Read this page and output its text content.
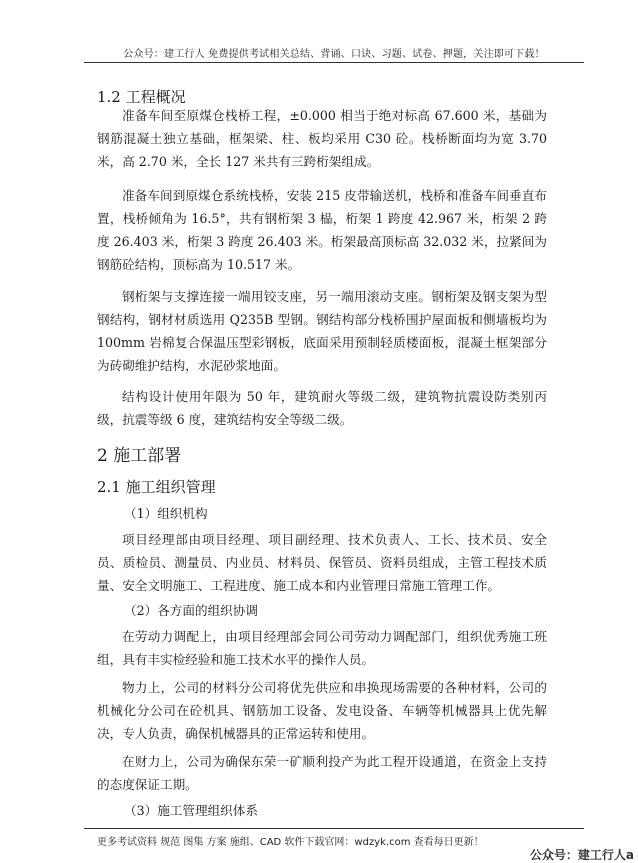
公众号：建工行人 免费提供考试相关总结、背诵、口诀、习题、试卷、押题，关注即可下载！
1.2 工程概况

准备车间至原煤仓栈桥工程，±0.000 相当于绝对标高 67.600 米，基础为钢筋混凝土独立基础，框架梁、柱、板均采用 C30 砼。栈桥断面均为宽 3.70 米，高 2.70 米，全长 127 米共有三跨桁架组成。

准备车间到原煤仓系统栈桥，安装 215 皮带输送机，栈桥和准备车间垂直布置，栈桥倾角为 16.5°，共有钢桁架 3 榀，桁架 1 跨度 42.967 米，桁架 2 跨度 26.403 米，桁架 3 跨度 26.403 米。桁架最高顶标高 32.032 米，拉紧间为钢筋砼结构，顶标高为 10.517 米。

钢桁架与支撑连接一端用铰支座，另一端用滚动支座。钢桁架及钢支架为型钢结构，钢材材质选用 Q235B 型钢。钢结构部分栈桥围护屋面板和侧墙板均为 100mm 岩棉复合保温压型彩钢板，底面采用预制轻质楼面板，混凝土框架部分为砖砌维护结构，水泥砂浆地面。

结构设计使用年限为 50 年，建筑耐火等级二级，建筑物抗震设防类别丙级，抗震等级 6 度，建筑结构安全等级二级。

2 施工部署
2.1 施工组织管理

（1）组织机构

项目经理部由项目经理、项目副经理、技术负责人、工长、技术员、安全员、质检员、测量员、内业员、材料员、保管员、资料员组成，主管工程技术质量、安全文明施工、工程进度、施工成本和内业管理日常施工管理工作。

（2）各方面的组织协调

在劳动力调配上，由项目经理部会同公司劳动力调配部门，组织优秀施工班组，具有丰实检经验和施工技术水平的操作人员。

物力上，公司的材料分公司将优先供应和串换现场需要的各种材料，公司的机械化分公司在砼机具、钢筋加工设备、发电设备、车辆等机械器具上优先解决，专人负责，确保机械器具的正常运转和使用。

在财力上，公司为确保东荣一矿顺利投产为此工程开设通道，在资金上支持的态度保证工期。

（3）施工管理组织体系

更多考试资料 规范 图集 方案 施组、CAD 软件下载官网：wdzyk.com 查看每日更新！
公众号：建工行人a
